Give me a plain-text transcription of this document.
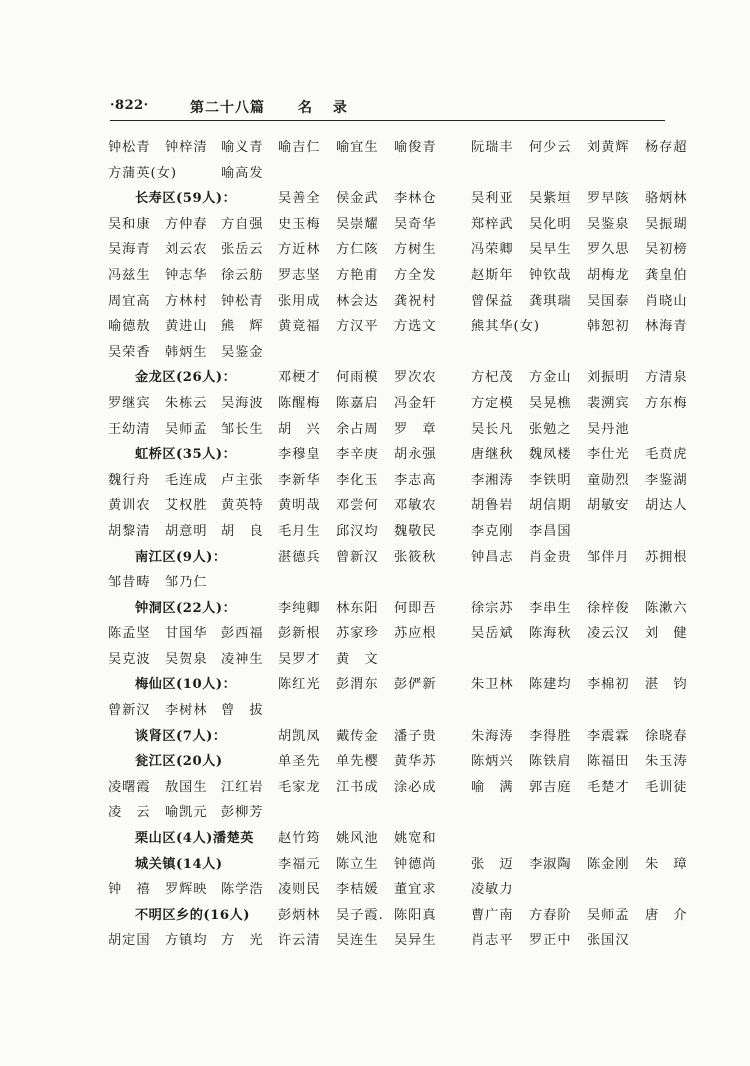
·822·	第二十八篇 名 录
钟松青 钟梓清 喻义青 喻吉仁 喻宜生 喻俊青	阮瑞丰 何少云 刘黄辉 杨存超
方蒲英(女)	喻高发
长寿区(59人)：	吴善全 侯金武 李林仓	吴利亚 吴紫垣 罗早陔 骆炳林
吴和康 方仲春 方自强 史玉梅 吴崇耀 吴奇华	郑梓武 吴化明 吴鉴泉 吴振瑚
吴海青 刘云农 张岳云 方近林 方仁陔 方树生	冯荣卿 吴早生 罗久思 吴初榜
冯兹生 钟志华 徐云舫 罗志坚 方艳甫 方全发	赵斯年 钟钦哉 胡梅龙 龚皇伯
周宜高 方林村 钟松青 张用成 林会达 龚祝村	曾保益 龚琪瑞 吴国泰 肖晓山
喻德敖 黄进山 熊　辉 黄竟福 方汉平 方选文	熊其华(女)	韩恕初 林海青
吴荣香 韩炳生 吴鉴金
金龙区(26人)：	邓梗才 何雨模 罗次农	方杞茂 方金山 刘振明 方清泉
罗继宾 朱栋云 吴海波 陈醒梅 陈嘉启 冯金轩	方定模 吴晃樵 裴溯宾 方东梅
王幼清 吴师孟 邹长生 胡　兴 余占周 罗　章	吴长凡 张勉之 吴丹池
虹桥区(35人)：	李穆皇 李辛庚 胡永强	唐继秋 魏凤楼 李仕光 毛贲虎
魏行舟 毛连成 卢主张 李新华 李化玉 李志高	李湘涛 李铁明 童勋烈 李鉴湖
黄训农 艾权胜 黄英特 黄明哉 邓尝何 邓敏农	胡鲁岩 胡信期 胡敏安 胡达人
胡黎清 胡意明 胡　良 毛月生 邱汉均 魏敬民	李克刚 李昌国
南江区(9人)：	湛德兵 曾新汉 张筱秋	钟昌志 肖金贵 邹伴月 苏拥根
邹昔畴 邹乃仁
钟洞区(22人)：	李纯卿 林东阳 何即吾	徐宗苏 李串生 徐梓俊 陈漱六
陈孟坚 甘国华 彭西福 彭新根 苏家珍 苏应根	吴岳斌 陈海秋 凌云汉 刘　健
吴克波 吴贺泉 凌神生 吴罗才 黄　文
梅仙区(10人)：	陈红光 彭渭东 彭俨新	朱卫林 陈建均 李棉初 湛　钧
曾新汉 李树林 曾　拔
谈肾区(7人)：	胡凯凤 戴传金 潘子贵	朱海涛 李得胜 李震霖 徐晓春
瓮江区(20人)	单圣先 单先樱 黄华苏	陈炳兴 陈铁肩 陈福田 朱玉涛
凌曙霞 敖国生 江红岩 毛家龙 江书成 涂必成	喻　满 郭吉庭 毛楚才 毛训徒
凌　云 喻凯元 彭柳芳
栗山区(4人)潘楚英 赵竹筠 姚风池 姚宽和
城关镇(14人)	李福元 陈立生 钟德尚	张　迈 李淑陶 陈金刚 朱　璋
钟　禧 罗辉映 陈学浩 凌则民 李桔媛 董宜求	凌敏力
不明区乡的(16人) 彭炳林 吴子霞. 陈阳真	曹广南 方春阶 吴师孟 唐　介
胡定国 方镇均 方　光 许云清 吴连生 吴异生	肖志平 罗正中 张国汉
